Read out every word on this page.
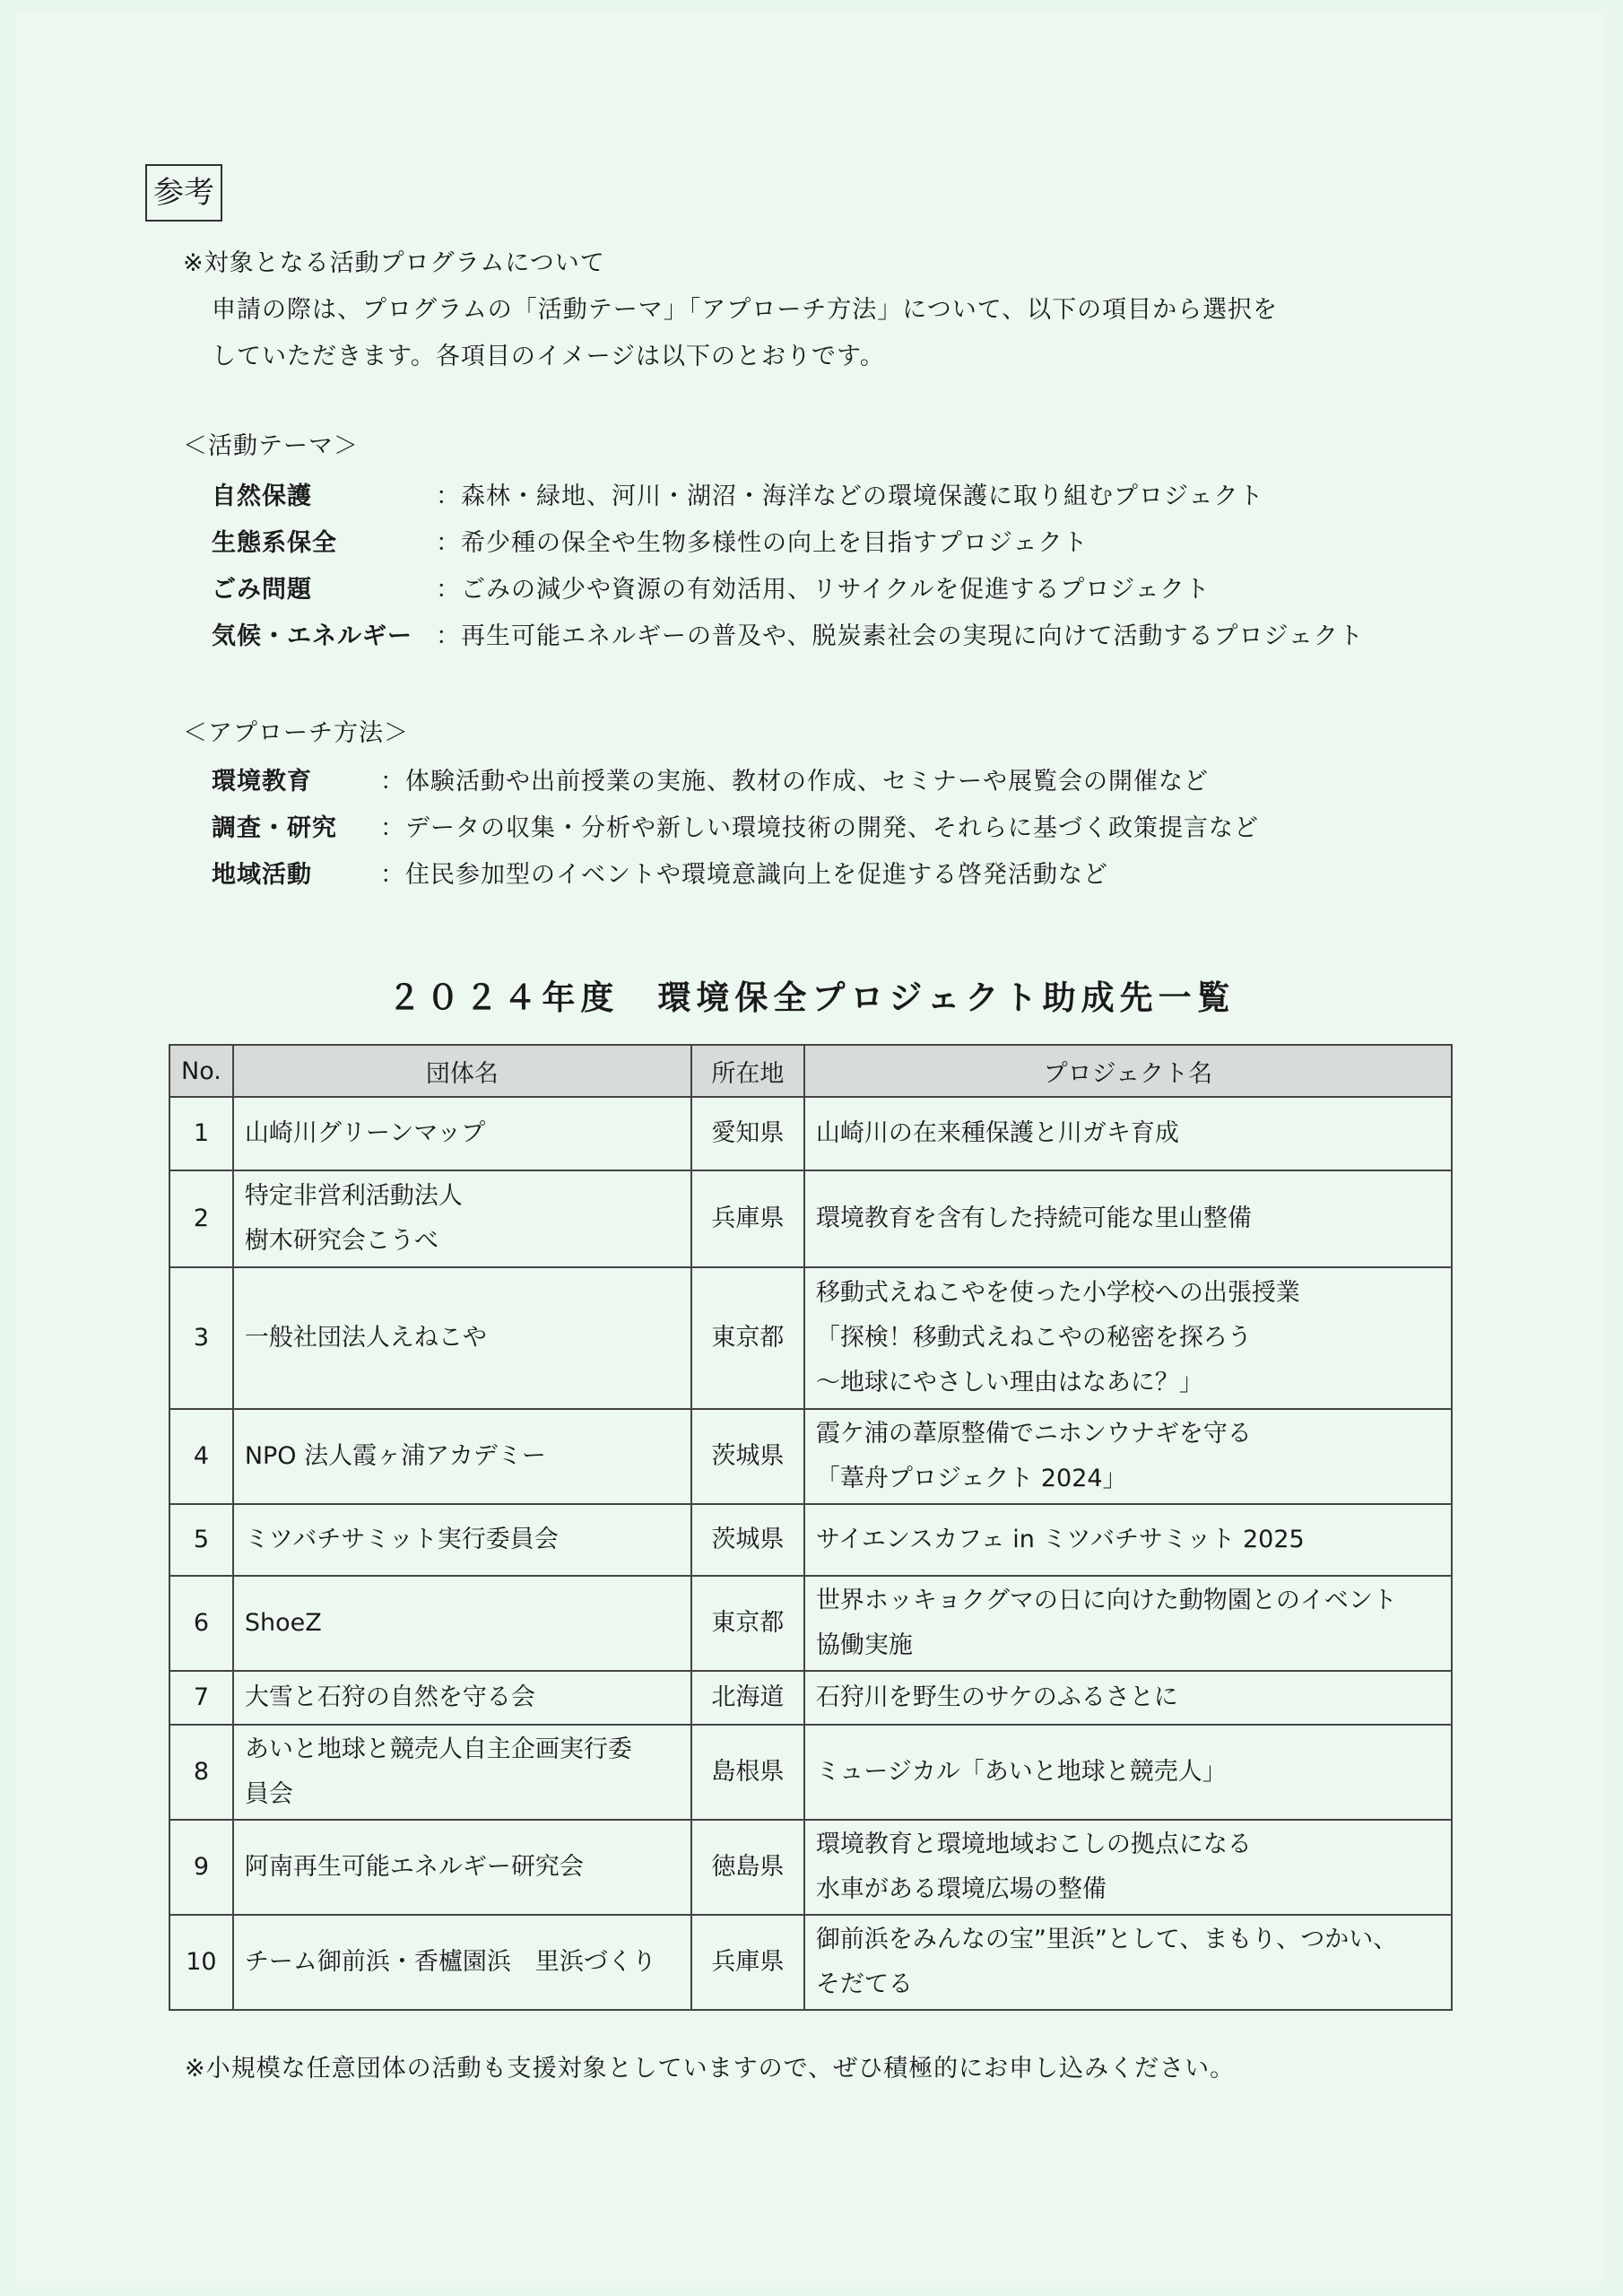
参考
※対象となる活動プログラムについて
申請の際は、プログラムの「活動テーマ」「アプローチ方法」について、以下の項目から選択を
していただきます。各項目のイメージは以下のとおりです。
＜活動テーマ＞
自然保護	：森林・緑地、河川・湖沼・海洋などの環境保護に取り組むプロジェクト
生態系保全	：希少種の保全や生物多様性の向上を目指すプロジェクト
ごみ問題	：ごみの減少や資源の有効活用、リサイクルを促進するプロジェクト
気候・エネルギー ：再生可能エネルギーの普及や、脱炭素社会の実現に向けて活動するプロジェクト
＜アプローチ方法＞
環境教育	：体験活動や出前授業の実施、教材の作成、セミナーや展覧会の開催など
調査・研究 ：データの収集・分析や新しい環境技術の開発、それらに基づく政策提言など
地域活動	：住民参加型のイベントや環境意識向上を促進する啓発活動など
２０２４年度　環境保全プロジェクト助成先一覧
No.	団体名	所在地	プロジェクト名
1	山崎川グリーンマップ	愛知県	山崎川の在来種保護と川ガキ育成

2	特定非営利活動法人
樹木研究会こうべ	兵庫県	環境教育を含有した持続可能な里山整備

3	一般社団法人えねこや	東京都	移動式えねこやを使った小学校への出張授業
「探検！移動式えねこやの秘密を探ろう
～地球にやさしい理由はなあに？」

4	NPO 法人霞ヶ浦アカデミー	茨城県	霞ケ浦の葦原整備でニホンウナギを守る
「葦舟プロジェクト 2024」

5	ミツバチサミット実行委員会	茨城県	サイエンスカフェ in ミツバチサミット 2025

6	ShoeZ	東京都	世界ホッキョクグマの日に向けた動物園とのイベント
協働実施

7	大雪と石狩の自然を守る会	北海道	石狩川を野生のサケのふるさとに

8	あいと地球と競売人自主企画実行委
員会	島根県	ミュージカル「あいと地球と競売人」

9	阿南再生可能エネルギー研究会	徳島県	環境教育と環境地域おこしの拠点になる
水車がある環境広場の整備

10	チーム御前浜・香櫨園浜　里浜づくり	兵庫県	御前浜をみんなの宝”里浜”として、まもり、つかい、
そだてる
※小規模な任意団体の活動も支援対象としていますので、ぜひ積極的にお申し込みください。
